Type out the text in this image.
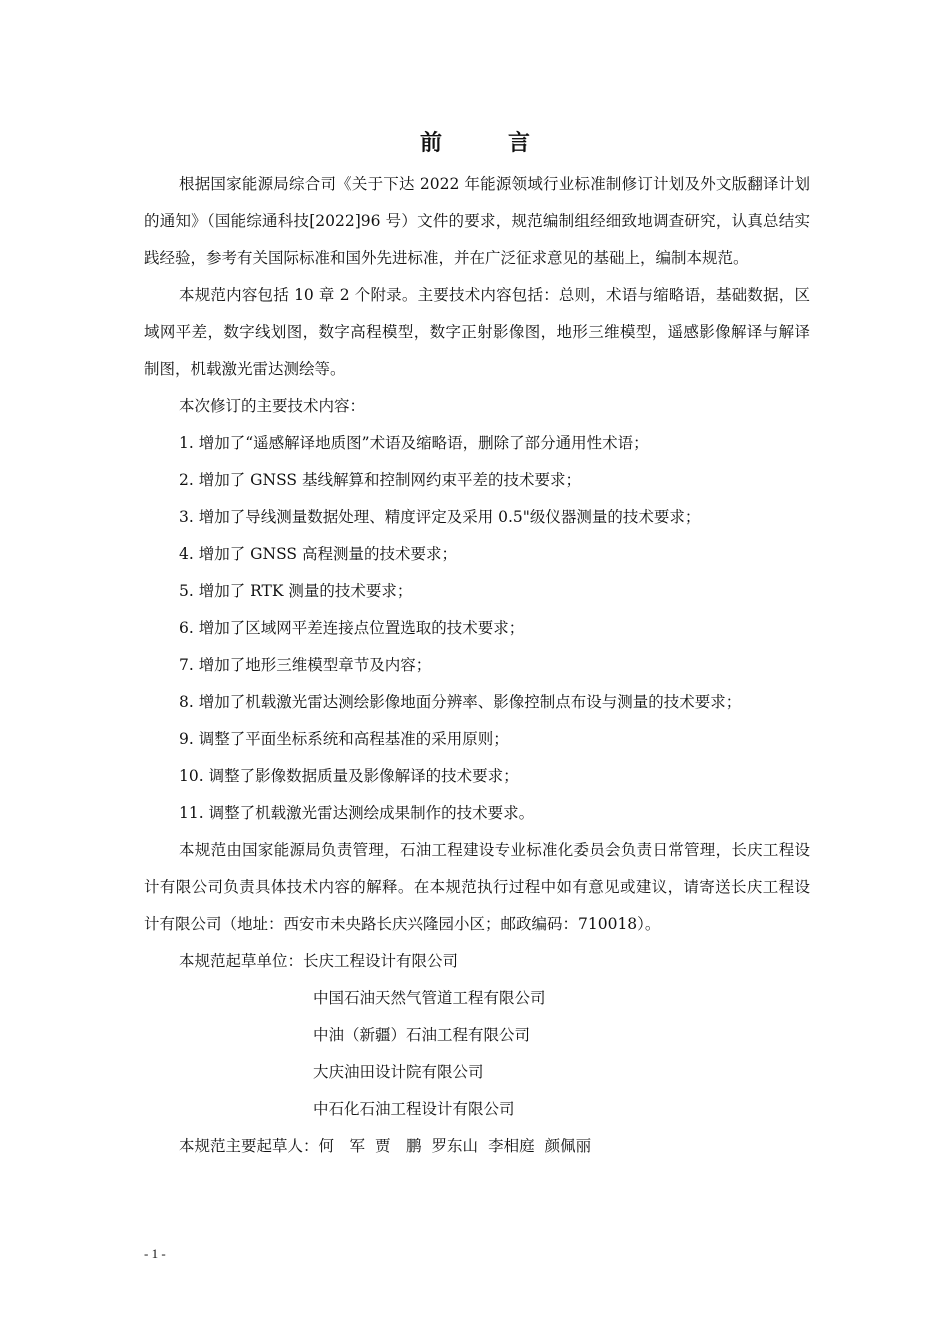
前　言

根据国家能源局综合司《关于下达 2022 年能源领域行业标准制修订计划及外文版翻译计划的通知》（国能综通科技[2022]96 号）文件的要求，规范编制组经细致地调查研究，认真总结实践经验，参考有关国际标准和国外先进标准，并在广泛征求意见的基础上，编制本规范。

本规范内容包括 10 章 2 个附录。主要技术内容包括：总则，术语与缩略语，基础数据，区域网平差，数字线划图，数字高程模型，数字正射影像图，地形三维模型，遥感影像解译与解译制图，机载激光雷达测绘等。

本次修订的主要技术内容：

1. 增加了“遥感解译地质图”术语及缩略语，删除了部分通用性术语；

2. 增加了 GNSS 基线解算和控制网约束平差的技术要求；

3. 增加了导线测量数据处理、精度评定及采用 0.5"级仪器测量的技术要求；

4. 增加了 GNSS 高程测量的技术要求；

5. 增加了 RTK 测量的技术要求；

6. 增加了区域网平差连接点位置选取的技术要求；

7. 增加了地形三维模型章节及内容；

8. 增加了机载激光雷达测绘影像地面分辨率、影像控制点布设与测量的技术要求；

9. 调整了平面坐标系统和高程基准的采用原则；

10. 调整了影像数据质量及影像解译的技术要求；

11. 调整了机载激光雷达测绘成果制作的技术要求。

本规范由国家能源局负责管理，石油工程建设专业标准化委员会负责日常管理，长庆工程设计有限公司负责具体技术内容的解释。在本规范执行过程中如有意见或建议，请寄送长庆工程设计有限公司（地址：西安市未央路长庆兴隆园小区；邮政编码：710018）。

本规范起草单位：长庆工程设计有限公司

中国石油天然气管道工程有限公司

中油（新疆）石油工程有限公司

大庆油田设计院有限公司

中石化石油工程设计有限公司

本规范主要起草人：何　军 贾　鹏 罗东山 李相庭 颜佩丽

- 1 -
